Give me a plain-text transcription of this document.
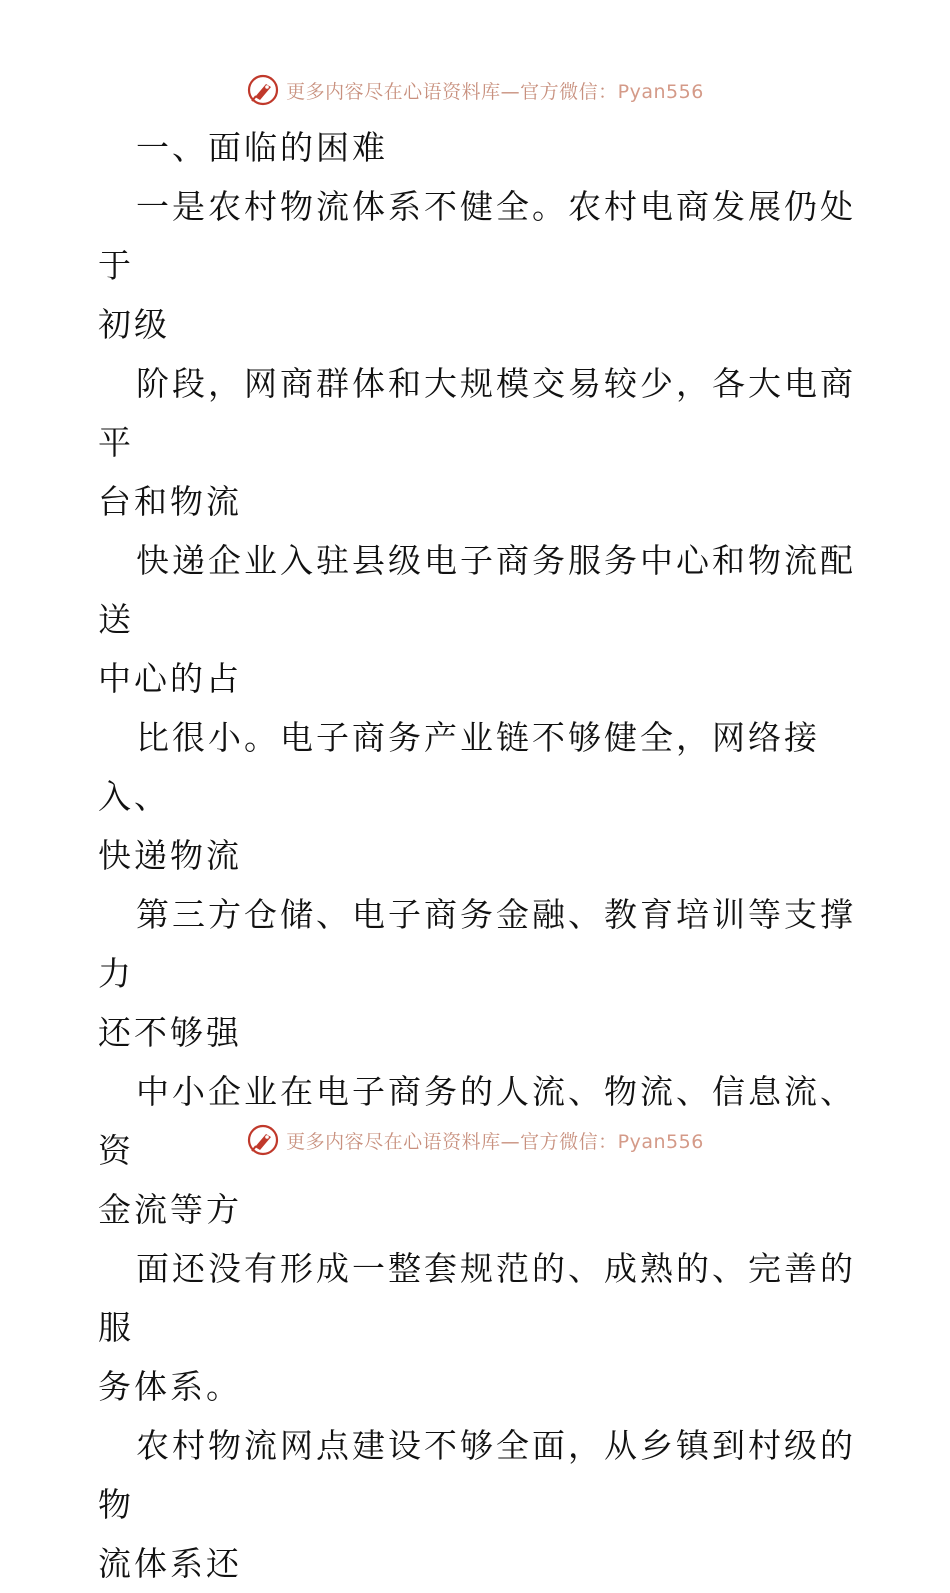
更多内容尽在心语资料库—官方微信：Pyan556

一、面临的困难

一是农村物流体系不健全。农村电商发展仍处于
初级

阶段，网商群体和大规模交易较少，各大电商平
台和物流

快递企业入驻县级电子商务服务中心和物流配送
中心的占

比很小。电子商务产业链不够健全，网络接入、
快递物流

第三方仓储、电子商务金融、教育培训等支撑力
还不够强

中小企业在电子商务的人流、物流、信息流、资
金流等方

面还没有形成一整套规范的、成熟的、完善的服
务体系。

农村物流网点建设不够全面，从乡镇到村级的物
流体系还

更多内容尽在心语资料库—官方微信：Pyan556
